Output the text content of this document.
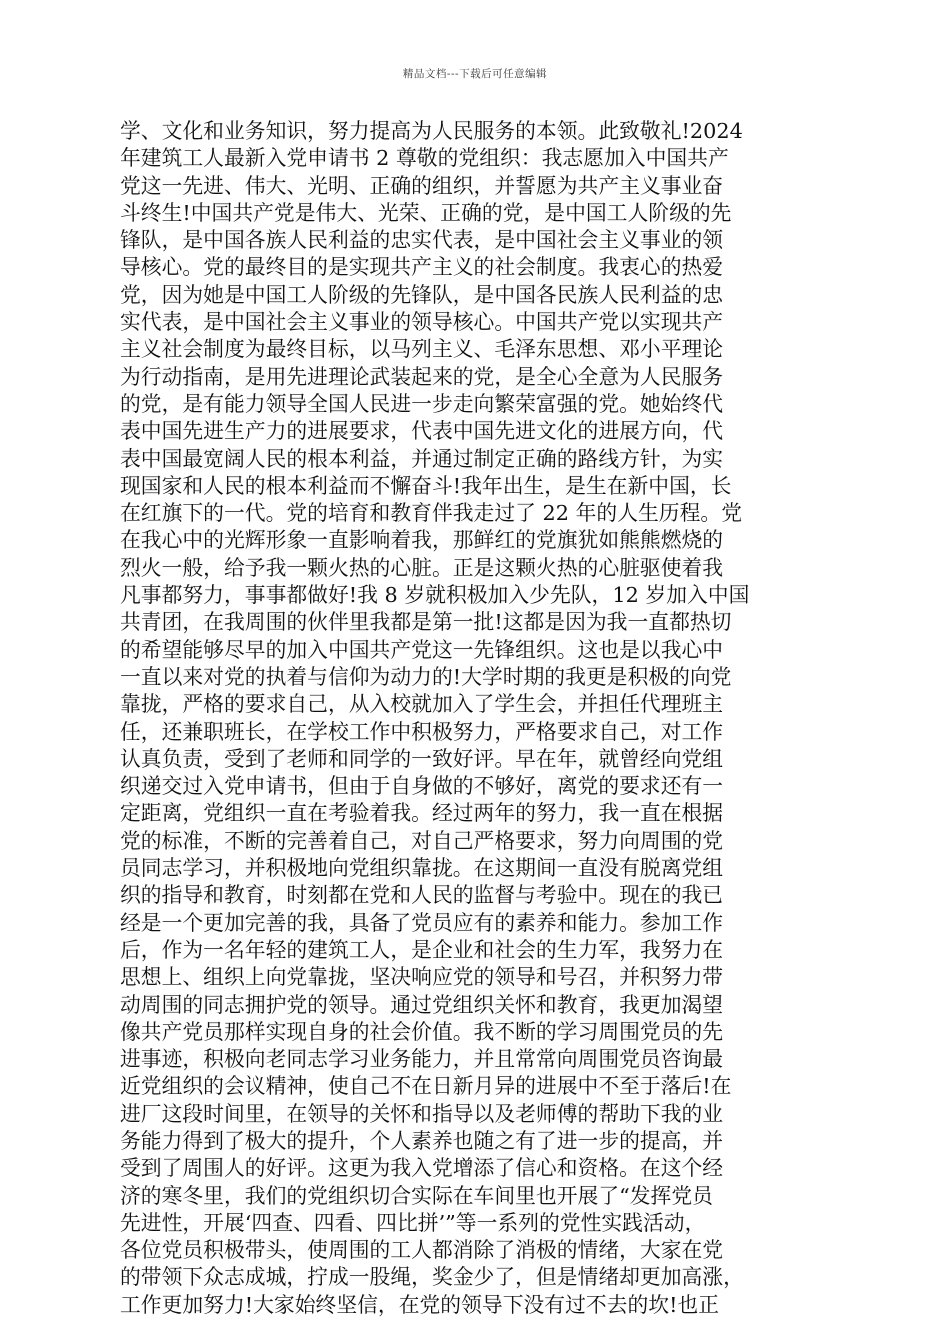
精品文档---下载后可任意编辑
学、文化和业务知识，努力提高为人民服务的本领。此致敬礼!2024
年建筑工人最新入党申请书 2 尊敬的党组织：我志愿加入中国共产
党这一先进、伟大、光明、正确的组织，并誓愿为共产主义事业奋
斗终生!中国共产党是伟大、光荣、正确的党，是中国工人阶级的先
锋队，是中国各族人民利益的忠实代表，是中国社会主义事业的领
导核心。党的最终目的是实现共产主义的社会制度。我衷心的热爱
党，因为她是中国工人阶级的先锋队，是中国各民族人民利益的忠
实代表，是中国社会主义事业的领导核心。中国共产党以实现共产
主义社会制度为最终目标，以马列主义、毛泽东思想、邓小平理论
为行动指南，是用先进理论武装起来的党，是全心全意为人民服务
的党，是有能力领导全国人民进一步走向繁荣富强的党。她始终代
表中国先进生产力的进展要求，代表中国先进文化的进展方向，代
表中国最宽阔人民的根本利益，并通过制定正确的路线方针，为实
现国家和人民的根本利益而不懈奋斗!我年出生，是生在新中国，长
在红旗下的一代。党的培育和教育伴我走过了 22 年的人生历程。党
在我心中的光辉形象一直影响着我，那鲜红的党旗犹如熊熊燃烧的
烈火一般，给予我一颗火热的心脏。正是这颗火热的心脏驱使着我
凡事都努力，事事都做好!我 8 岁就积极加入少先队，12 岁加入中国
共青团，在我周围的伙伴里我都是第一批!这都是因为我一直都热切
的希望能够尽早的加入中国共产党这一先锋组织。这也是以我心中
一直以来对党的执着与信仰为动力的!大学时期的我更是积极的向党
靠拢，严格的要求自己，从入校就加入了学生会，并担任代理班主
任，还兼职班长，在学校工作中积极努力，严格要求自己，对工作
认真负责，受到了老师和同学的一致好评。早在年，就曾经向党组
织递交过入党申请书，但由于自身做的不够好，离党的要求还有一
定距离，党组织一直在考验着我。经过两年的努力，我一直在根据
党的标准，不断的完善着自己，对自己严格要求，努力向周围的党
员同志学习，并积极地向党组织靠拢。在这期间一直没有脱离党组
织的指导和教育，时刻都在党和人民的监督与考验中。现在的我已
经是一个更加完善的我，具备了党员应有的素养和能力。参加工作
后，作为一名年轻的建筑工人，是企业和社会的生力军，我努力在
思想上、组织上向党靠拢，坚决响应党的领导和号召，并积努力带
动周围的同志拥护党的领导。通过党组织关怀和教育，我更加渴望
像共产党员那样实现自身的社会价值。我不断的学习周围党员的先
进事迹，积极向老同志学习业务能力，并且常常向周围党员咨询最
近党组织的会议精神，使自己不在日新月异的进展中不至于落后!在
进厂这段时间里，在领导的关怀和指导以及老师傅的帮助下我的业
务能力得到了极大的提升，个人素养也随之有了进一步的提高，并
受到了周围人的好评。这更为我入党增添了信心和资格。在这个经
济的寒冬里，我们的党组织切合实际在车间里也开展了“发挥党员
先进性，开展‘四查、四看、四比拼’”等一系列的党性实践活动，
各位党员积极带头，使周围的工人都消除了消极的情绪，大家在党
的带领下众志成城，拧成一股绳，奖金少了，但是情绪却更加高涨，
工作更加努力!大家始终坚信，在党的领导下没有过不去的坎!也正
